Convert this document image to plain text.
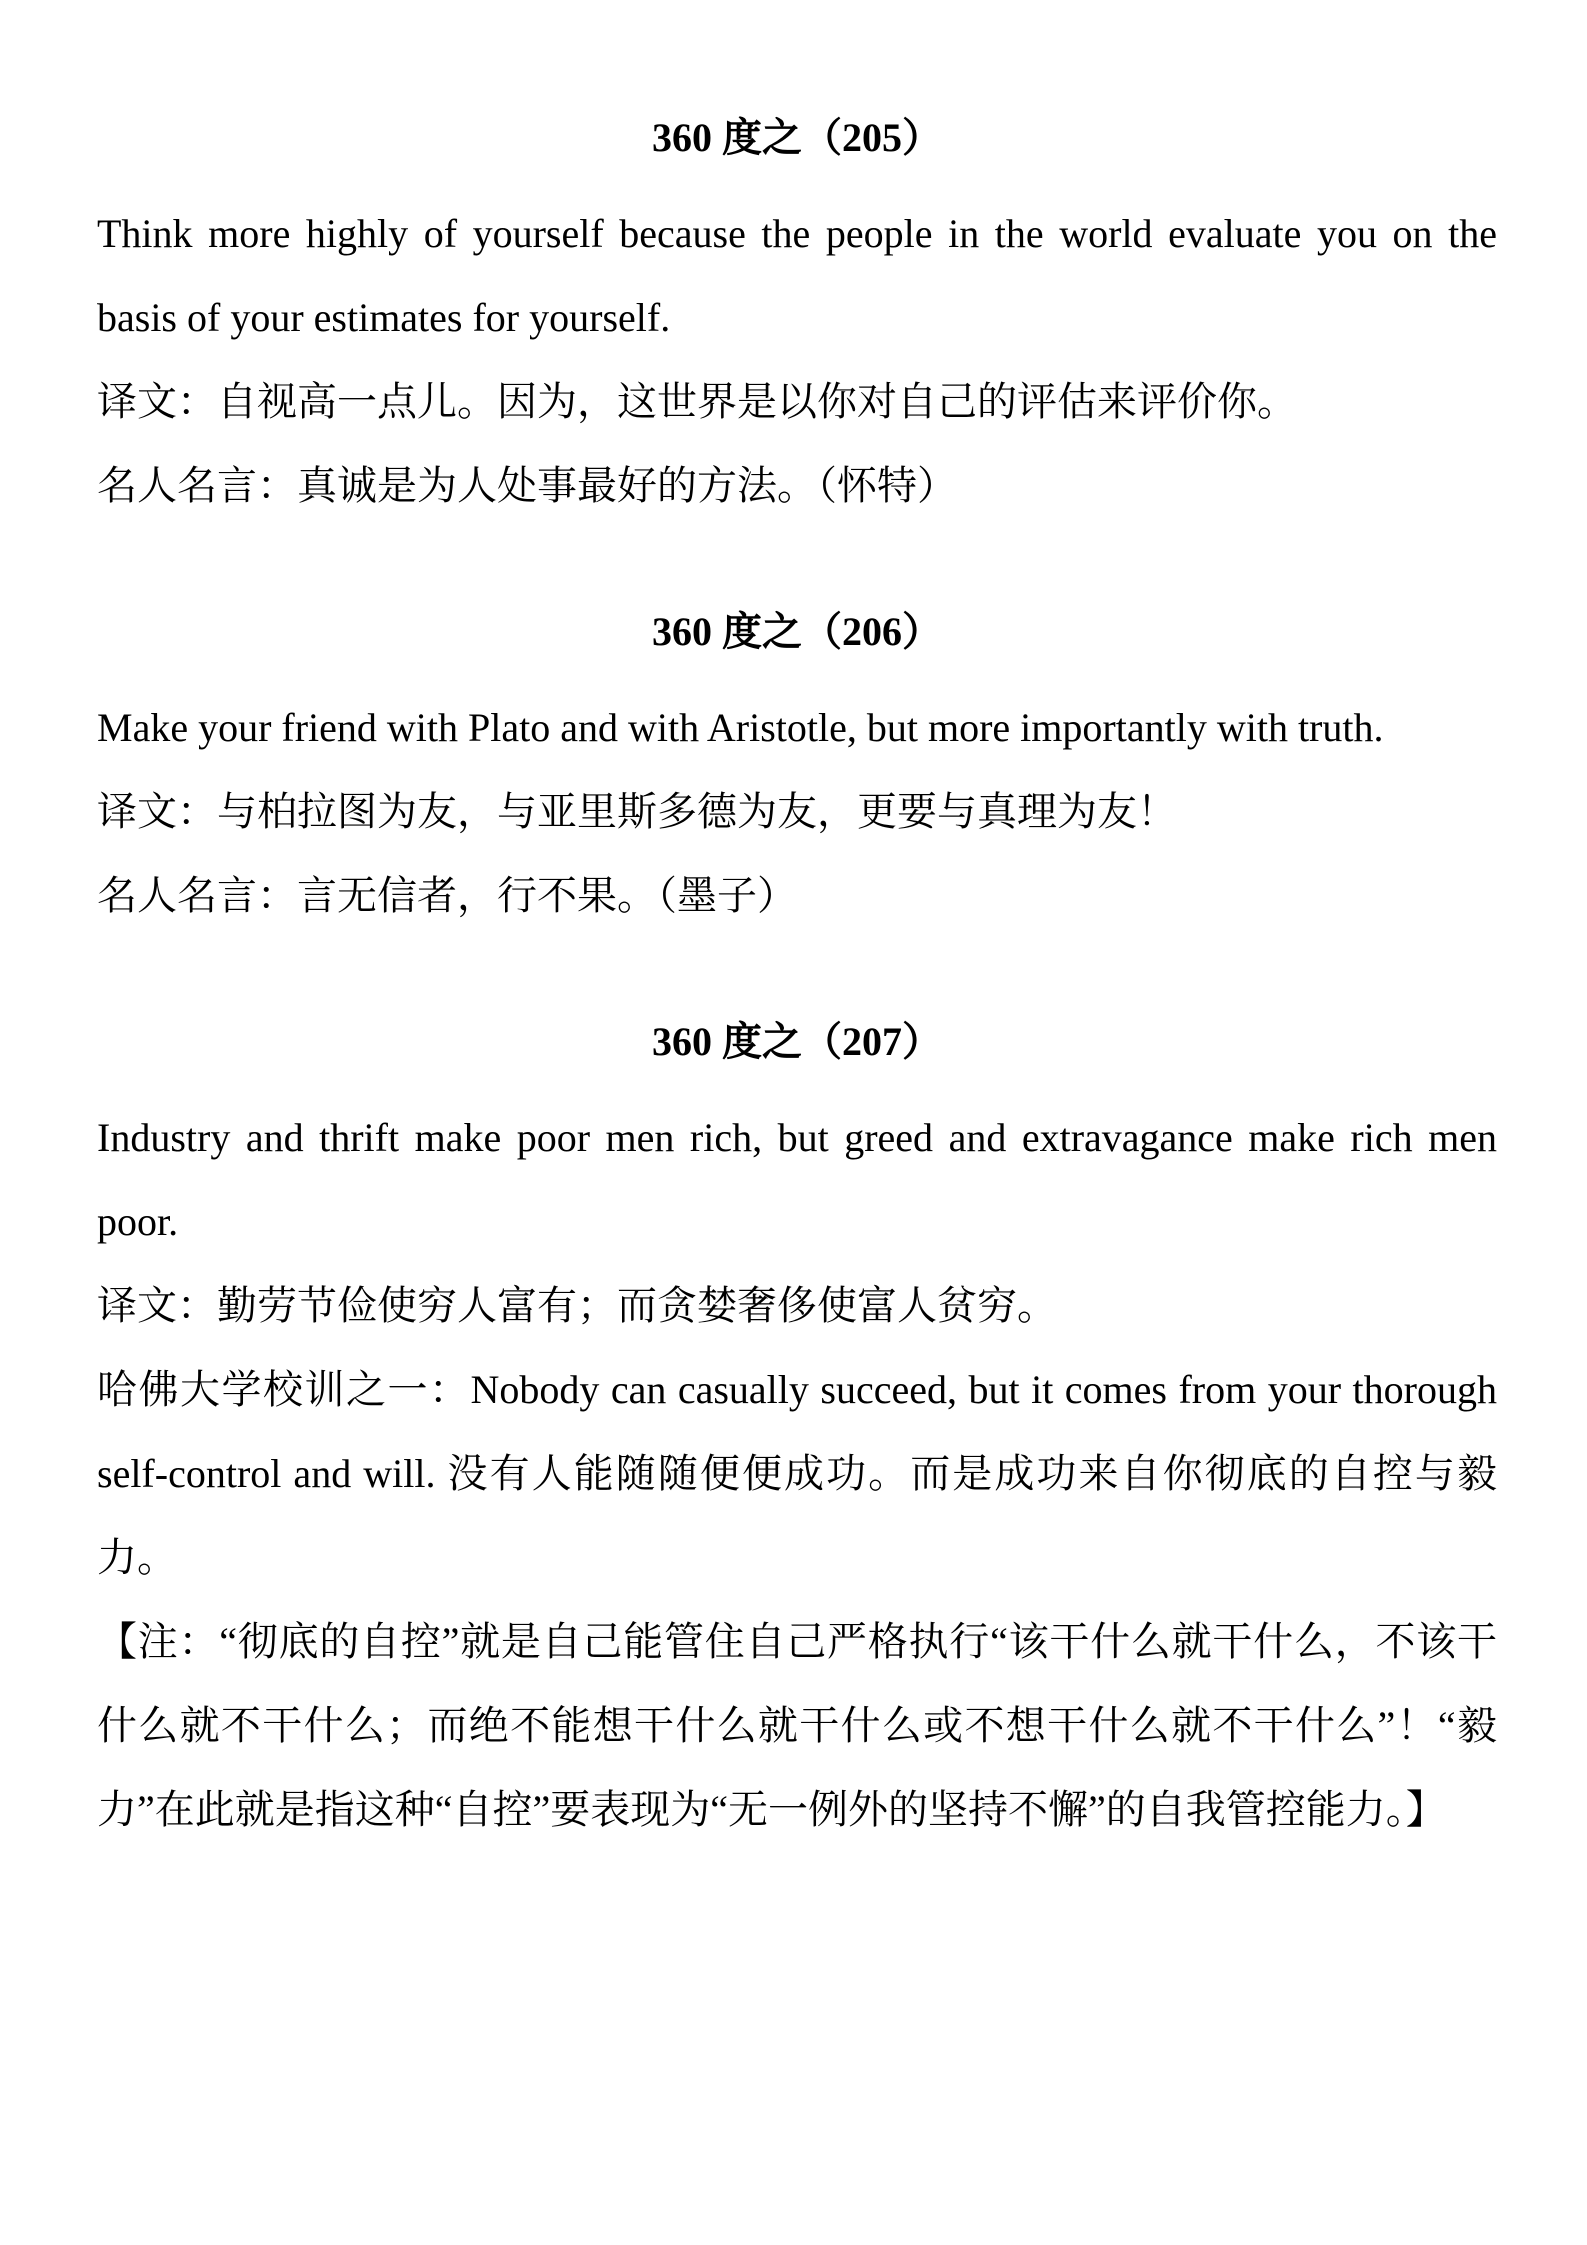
360 度之（205）

Think more highly of yourself because the people in the world evaluate you on the basis of your estimates for yourself.

译文：自视高一点儿。因为，这世界是以你对自己的评估来评价你。

名人名言：真诚是为人处事最好的方法。（怀特）

360 度之（206）

Make your friend with Plato and with Aristotle, but more importantly with truth.

译文：与柏拉图为友，与亚里斯多德为友，更要与真理为友！

名人名言：言无信者，行不果。（墨子）

360 度之（207）

Industry and thrift make poor men rich, but greed and extravagance make rich men poor.

译文：勤劳节俭使穷人富有；而贪婪奢侈使富人贫穷。

哈佛大学校训之一：Nobody can casually succeed, but it comes from your thorough self-control and will. 没有人能随随便便成功。而是成功来自你彻底的自控与毅力。

【注：“彻底的自控”就是自己能管住自己严格执行“该干什么就干什么，不该干什么就不干什么；而绝不能想干什么就干什么或不想干什么就不干什么”！“毅力”在此就是指这种“自控”要表现为“无一例外的坚持不懈”的自我管控能力。】
